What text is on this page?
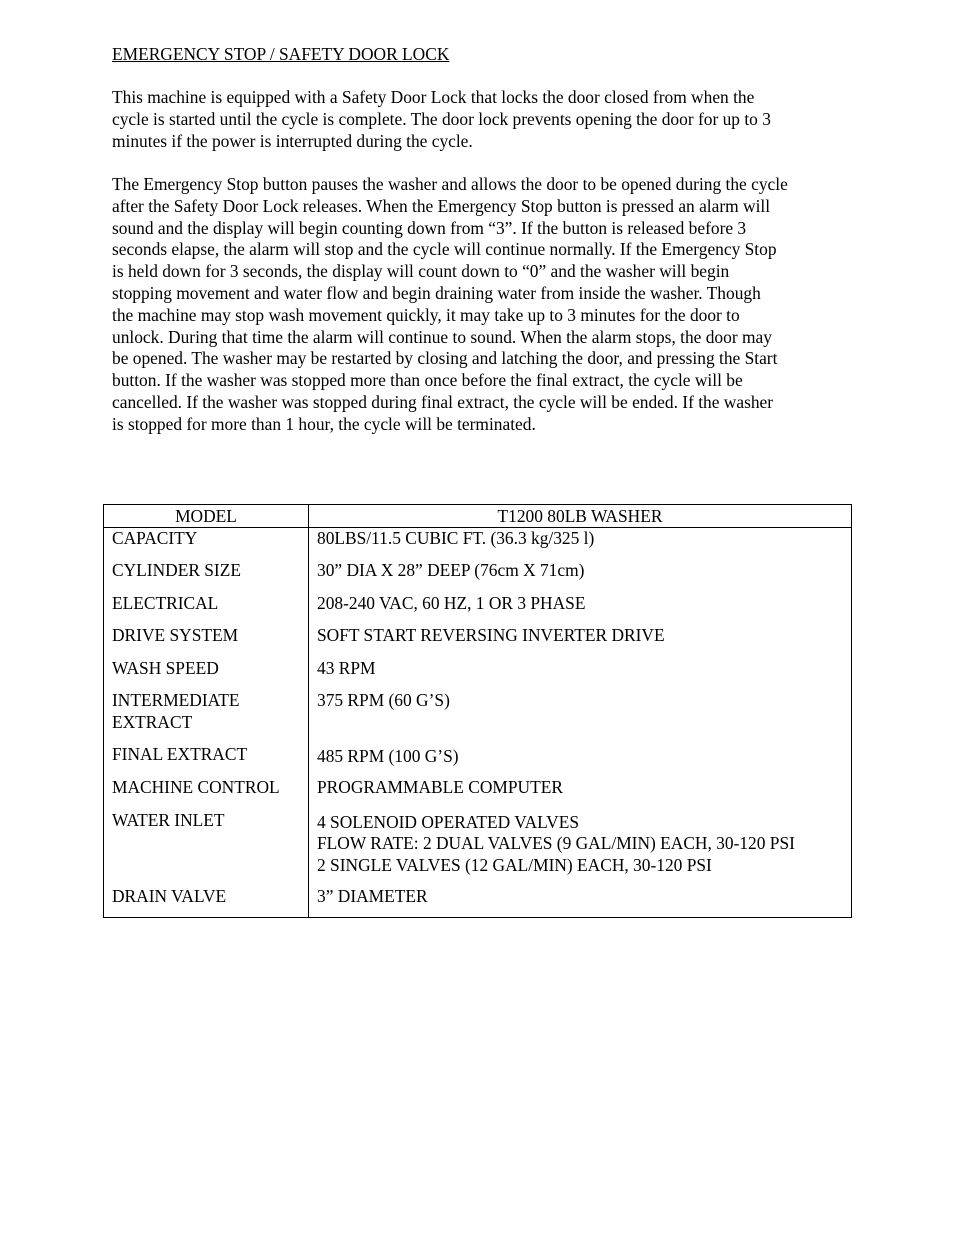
EMERGENCY STOP / SAFETY DOOR LOCK

This machine is equipped with a Safety Door Lock that locks the door closed from when the
cycle is started until the cycle is complete. The door lock prevents opening the door for up to 3
minutes if the power is interrupted during the cycle.

The Emergency Stop button pauses the washer and allows the door to be opened during the cycle
after the Safety Door Lock releases. When the Emergency Stop button is pressed an alarm will
sound and the display will begin counting down from “3”. If the button is released before 3
seconds elapse, the alarm will stop and the cycle will continue normally. If the Emergency Stop
is held down for 3 seconds, the display will count down to “0” and the washer will begin
stopping movement and water flow and begin draining water from inside the washer. Though
the machine may stop wash movement quickly, it may take up to 3 minutes for the door to
unlock. During that time the alarm will continue to sound. When the alarm stops, the door may
be opened. The washer may be restarted by closing and latching the door, and pressing the Start
button. If the washer was stopped more than once before the final extract, the cycle will be
cancelled. If the washer was stopped during final extract, the cycle will be ended. If the washer
is stopped for more than 1 hour, the cycle will be terminated.

MODEL	T1200 80LB WASHER

CAPACITY	80LBS/11.5 CUBIC FT. (36.3 kg/325 l)

CYLINDER SIZE	30” DIA X 28” DEEP (76cm X 71cm)

ELECTRICAL	208-240 VAC, 60 HZ, 1 OR 3 PHASE

DRIVE SYSTEM	SOFT START REVERSING INVERTER DRIVE

WASH SPEED	43 RPM

INTERMEDIATE
EXTRACT	375 RPM (60 G’S)

FINAL EXTRACT	485 RPM (100 G’S)

MACHINE CONTROL	PROGRAMMABLE COMPUTER

WATER INLET	4 SOLENOID OPERATED VALVES
FLOW RATE: 2 DUAL VALVES (9 GAL/MIN) EACH, 30-120 PSI
2 SINGLE VALVES (12 GAL/MIN) EACH, 30-120 PSI

DRAIN VALVE	3” DIAMETER
